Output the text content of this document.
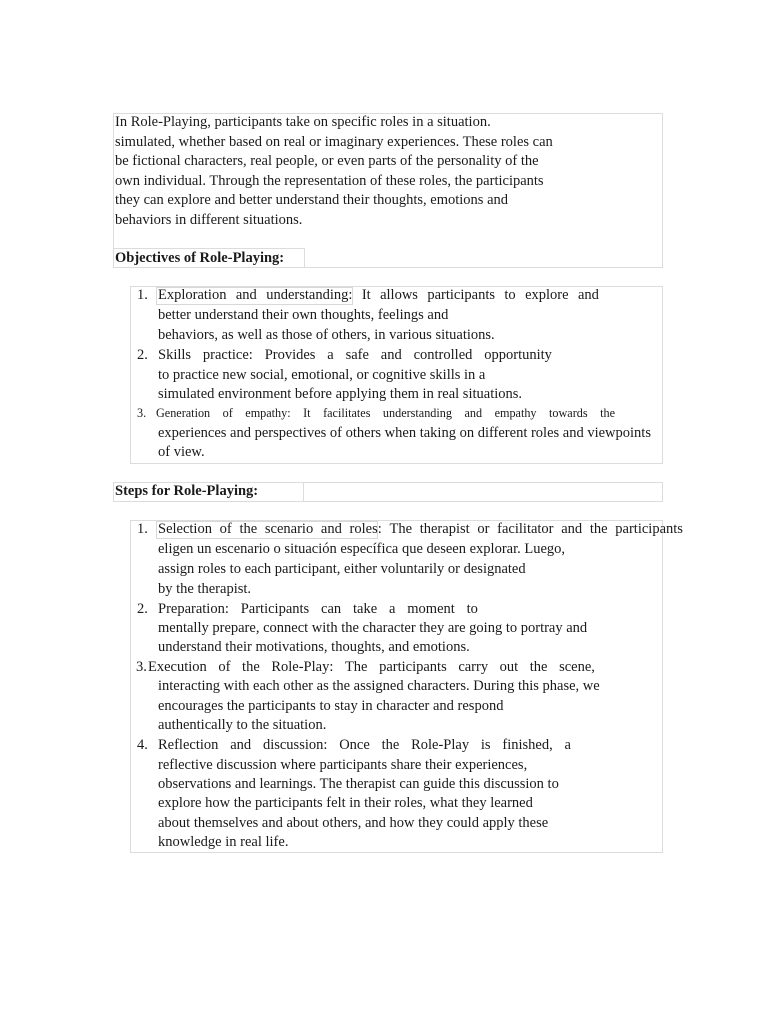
In Role-Playing, participants take on specific roles in a situation.
simulated, whether based on real or imaginary experiences. These roles can
be fictional characters, real people, or even parts of the personality of the
own individual. Through the representation of these roles, the participants
they can explore and better understand their thoughts, emotions and
behaviors in different situations.
Objectives of Role-Playing:
1. Exploration and understanding: It allows participants to explore and
better understand their own thoughts, feelings and
behaviors, as well as those of others, in various situations.
2. Skills practice: Provides a safe and controlled opportunity
to practice new social, emotional, or cognitive skills in a
simulated environment before applying them in real situations.
3. Generation of empathy: It facilitates understanding and empathy towards the
experiences and perspectives of others when taking on different roles and viewpoints
of view.
Steps for Role-Playing:
1. Selection of the scenario and roles: The therapist or facilitator and the participants
eligen un escenario o situación específica que deseen explorar. Luego,
assign roles to each participant, either voluntarily or designated
by the therapist.
2. Preparation: Participants can take a moment to
mentally prepare, connect with the character they are going to portray and
understand their motivations, thoughts, and emotions.
3. Execution of the Role-Play: The participants carry out the scene,
interacting with each other as the assigned characters. During this phase, we
encourages the participants to stay in character and respond
authentically to the situation.
4. Reflection and discussion: Once the Role-Play is finished, a
reflective discussion where participants share their experiences,
observations and learnings. The therapist can guide this discussion to
explore how the participants felt in their roles, what they learned
about themselves and about others, and how they could apply these
knowledge in real life.
